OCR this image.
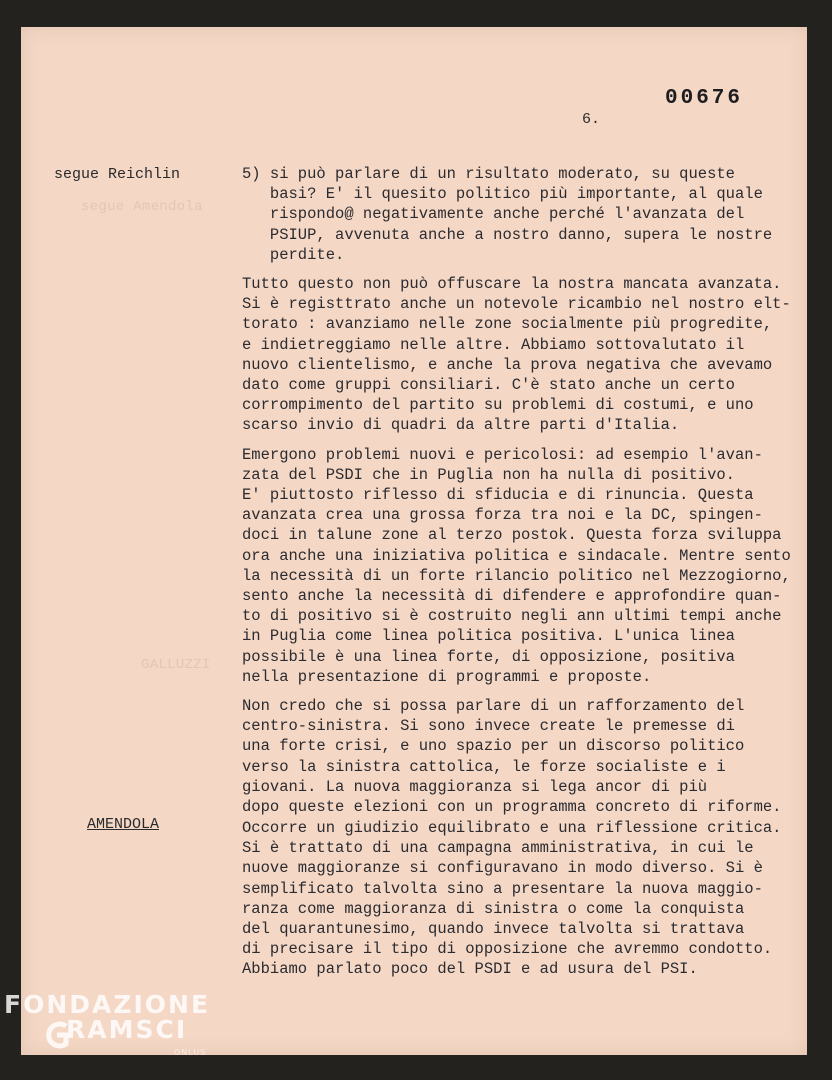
segue Amendola
GALLUZZI
00676
6.
segue Reichlin	5) si può parlare di un risultato moderato, su queste
basi? E' il quesito politico più importante, al quale
rispondo@ negativamente anche perché l'avanzata del
PSIUP, avvenuta anche a nostro danno, supera le nostre
perdite.

Tutto questo non può offuscare la nostra mancata avanzata.
Si è registtrato anche un notevole ricambio nel nostro elt-
torato : avanziamo nelle zone socialmente più progredite,
e indietreggiamo nelle altre. Abbiamo sottovalutato il
nuovo clientelismo, e anche la prova negativa che avevamo
dato come gruppi consiliari. C'è stato anche un certo
corrompimento del partito su problemi di costumi, e uno
scarso invio di quadri da altre parti d'Italia.

Emergono problemi nuovi e pericolosi: ad esempio l'avan-
zata del PSDI che in Puglia non ha nulla di positivo.
E' piuttosto riflesso di sfiducia e di rinuncia. Questa
avanzata crea una grossa forza tra noi e la DC, spingen-
doci in talune zone al terzo postok. Questa forza sviluppa
ora anche una iniziativa politica e sindacale. Mentre sento
la necessità di un forte rilancio politico nel Mezzogiorno,
sento anche la necessità di difendere e approfondire quan-
to di positivo si è costruito negli ann ultimi tempi anche
in Puglia come linea politica positiva. L'unica linea
possibile è una linea forte, di opposizione, positiva
nella presentazione di programmi e proposte.

Non credo che si possa parlare di un rafforzamento del
centro-sinistra. Si sono invece create le premesse di
una forte crisi, e uno spazio per un discorso politico
verso la sinistra cattolica, le forze socialiste e i
giovani. La nuova maggioranza si lega ancor di più
dopo queste elezioni con un programma concreto di riforme.

AMENDOLA	Occorre un giudizio equilibrato e una riflessione critica.
Si è trattato di una campagna amministrativa, in cui le
nuove maggioranze si configuravano in modo diverso. Si è
semplificato talvolta sino a presentare la nuova maggio-
ranza come maggioranza di sinistra o come la conquista
del quarantunesimo, quando invece talvolta si trattava
di precisare il tipo di opposizione che avremmo condotto.
Abbiamo parlato poco del PSDI e ad usura del PSI.

FONDAZIONE
RAMSCI
ONLUS
